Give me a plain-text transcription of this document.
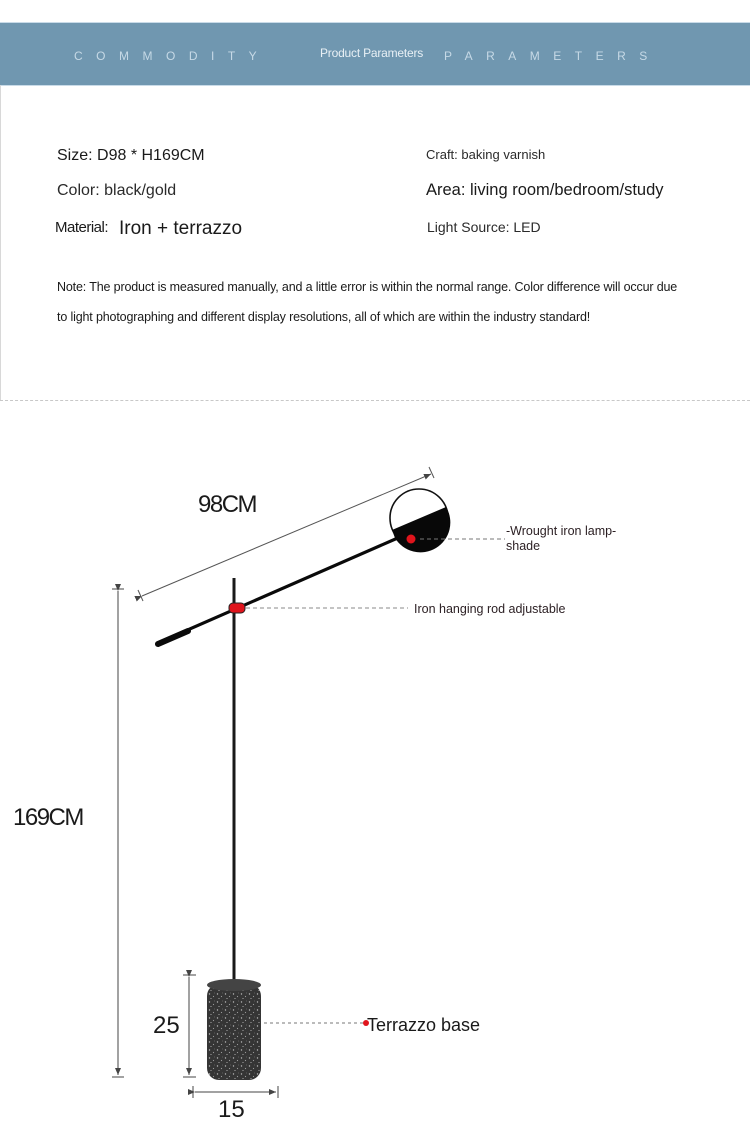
COMMODITY	Product Parameters PARAMETERS
Size: D98 * H169CM
Color: black/gold
Material: Iron + terrazzo
Craft: baking varnish
Area: living room/bedroom/study
Light Source: LED
Note: The product is measured manually, and a little error is within the normal range. Color difference will occur due
to light photographing and different display resolutions, all of which are within the industry standard!
98CM
169CM
25
15
-Wrought iron lamp-
shade
Iron hanging rod adjustable
Terrazzo base
